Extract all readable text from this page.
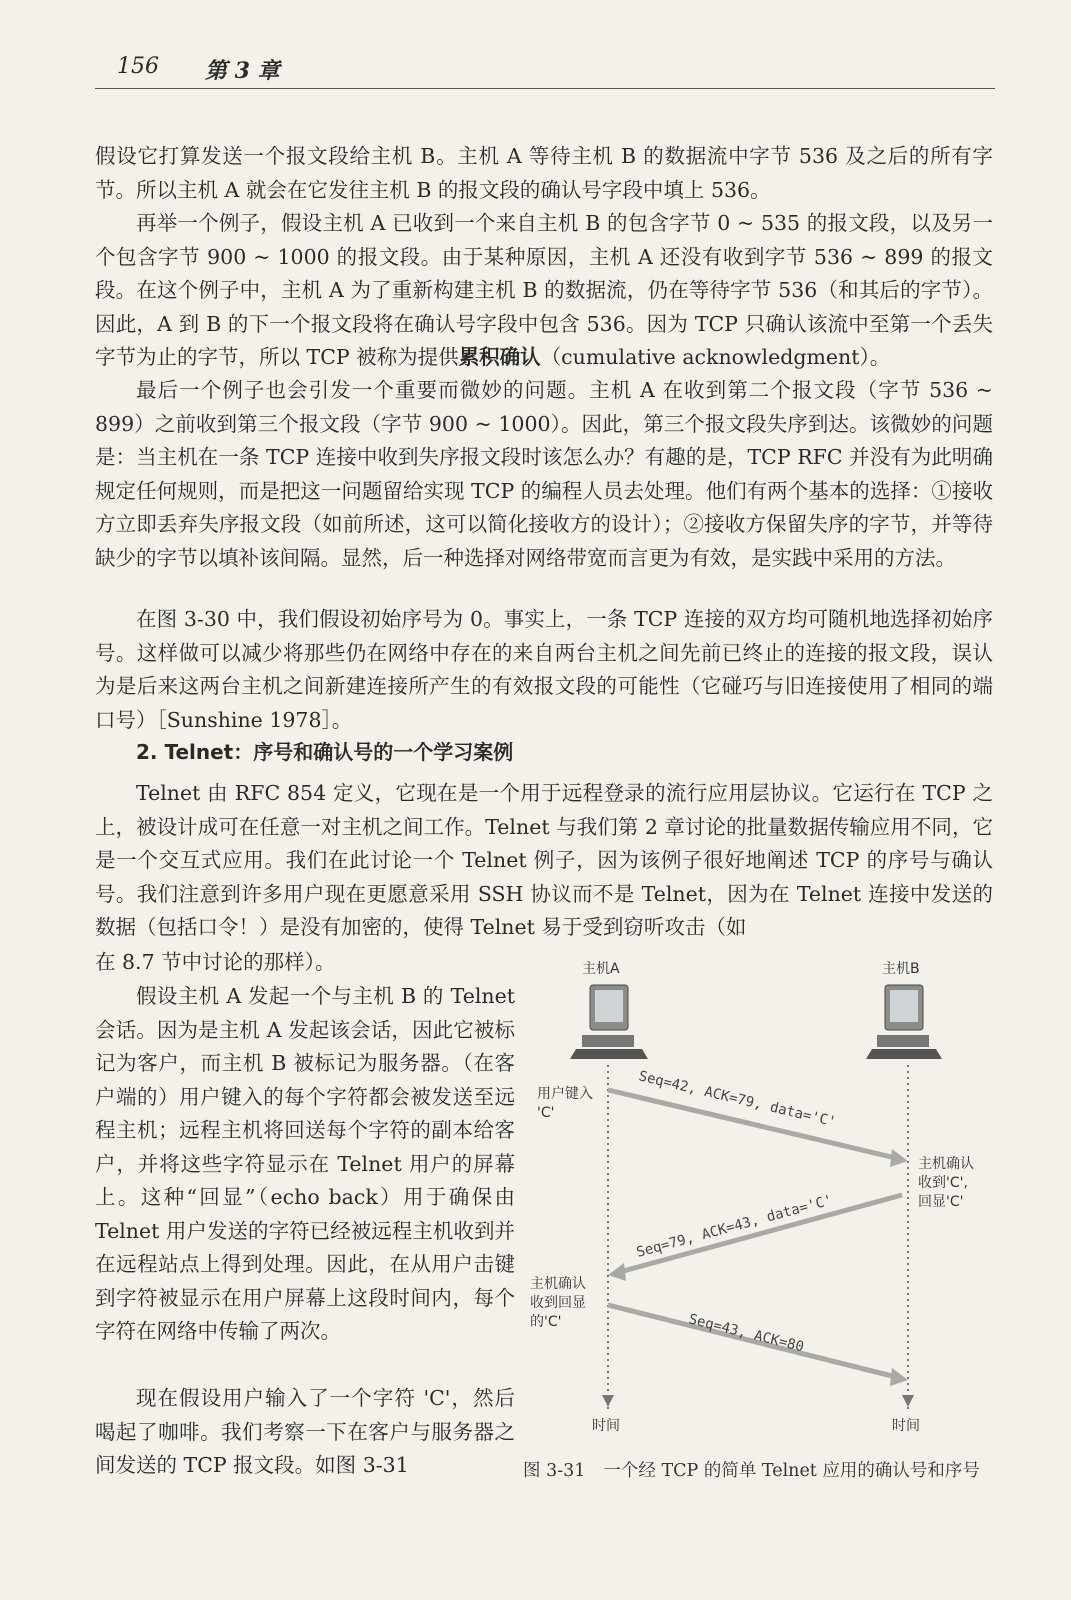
156 第 3 章

假设它打算发送一个报文段给主机 B。主机 A 等待主机 B 的数据流中字节 536 及之后的所有字节。所以主机 A 就会在它发往主机 B 的报文段的确认号字段中填上 536。

再举一个例子，假设主机 A 已收到一个来自主机 B 的包含字节 0 ~ 535 的报文段，以及另一个包含字节 900 ~ 1000 的报文段。由于某种原因，主机 A 还没有收到字节 536 ~ 899 的报文段。在这个例子中，主机 A 为了重新构建主机 B 的数据流，仍在等待字节 536（和其后的字节）。因此，A 到 B 的下一个报文段将在确认号字段中包含 536。因为 TCP 只确认该流中至第一个丢失字节为止的字节，所以 TCP 被称为提供累积确认（cumulative acknowledgment）。

最后一个例子也会引发一个重要而微妙的问题。主机 A 在收到第二个报文段（字节 536 ~ 899）之前收到第三个报文段（字节 900 ~ 1000）。因此，第三个报文段失序到达。该微妙的问题是：当主机在一条 TCP 连接中收到失序报文段时该怎么办？有趣的是，TCP RFC 并没有为此明确规定任何规则，而是把这一问题留给实现 TCP 的编程人员去处理。他们有两个基本的选择：①接收方立即丢弃失序报文段（如前所述，这可以简化接收方的设计）；②接收方保留失序的字节，并等待缺少的字节以填补该间隔。显然，后一种选择对网络带宽而言更为有效，是实践中采用的方法。

在图 3-30 中，我们假设初始序号为 0。事实上，一条 TCP 连接的双方均可随机地选择初始序号。这样做可以减少将那些仍在网络中存在的来自两台主机之间先前已终止的连接的报文段，误认为是后来这两台主机之间新建连接所产生的有效报文段的可能性（它碰巧与旧连接使用了相同的端口号）［Sunshine 1978］。

2. Telnet：序号和确认号的一个学习案例

Telnet 由 RFC 854 定义，它现在是一个用于远程登录的流行应用层协议。它运行在 TCP 之上，被设计成可在任意一对主机之间工作。Telnet 与我们第 2 章讨论的批量数据传输应用不同，它是一个交互式应用。我们在此讨论一个 Telnet 例子，因为该例子很好地阐述 TCP 的序号与确认号。我们注意到许多用户现在更愿意采用 SSH 协议而不是 Telnet，因为在 Telnet 连接中发送的数据（包括口令！）是没有加密的，使得 Telnet 易于受到窃听攻击（如

在 8.7 节中讨论的那样）。

假设主机 A 发起一个与主机 B 的 Telnet 会话。因为是主机 A 发起该会话，因此它被标记为客户，而主机 B 被标记为服务器。（在客户端的）用户键入的每个字符都会被发送至远程主机；远程主机将回送每个字符的副本给客户，并将这些字符显示在 Telnet 用户的屏幕上。这种“回显”（echo back）用于确保由 Telnet 用户发送的字符已经被远程主机收到并在远程站点上得到处理。因此，在从用户击键到字符被显示在用户屏幕上这段时间内，每个字符在网络中传输了两次。

现在假设用户输入了一个字符 'C'，然后喝起了咖啡。我们考察一下在客户与服务器之间发送的 TCP 报文段。如图 3-31

Seq=42, ACK=79, data='C'
Seq=79, ACK=43, data='C'
Seq=43, ACK=80
主机A	主机B
用户键入
'C'
主机确认
收到'C',
回显'C'
主机确认
收到回显
的'C'
时间	时间
图 3-31 一个经 TCP 的简单 Telnet 应用的确认号和序号
